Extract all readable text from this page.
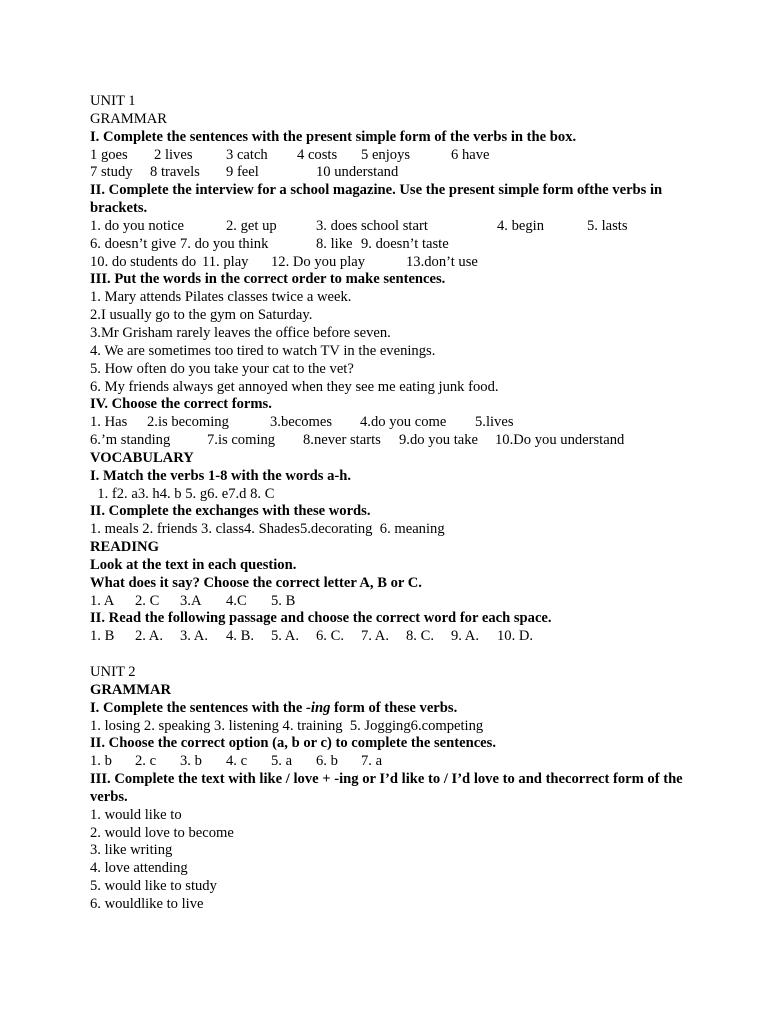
UNIT 1
GRAMMAR
I. Complete the sentences with the present simple form of the verbs in the box.
1 goes 2 lives 3 catch 4 costs 5 enjoys	6 have
7 study 8 travels 9 feel	10 understand
II. Complete the interview for a school magazine. Use the present simple form ofthe verbs in brackets.
1. do you notice	2. get up	3. does school start	4. begin	5. lasts
6. doesn’t give 7. do you think	8. like 9. doesn’t taste
10. do students do 11. play 12. Do you play	13.don’t use
III. Put the words in the correct order to make sentences.
1. Mary attends Pilates classes twice a week.
2.I usually go to the gym on Saturday.
3.Mr Grisham rarely leaves the office before seven.
4. We are sometimes too tired to watch TV in the evenings.
5. How often do you take your cat to the vet?
6. My friends always get annoyed when they see me eating junk food.
IV. Choose the correct forms.
1. Has 2.is becoming	3.becomes 4.do you come 5.lives
6.’m standing	7.is coming 8.never starts 9.do you take 10.Do you understand
VOCABULARY
I. Match the verbs 1-8 with the words a-h.
1. f2. a3. h4. b 5. g6. e7.d 8. C
II. Complete the exchanges with these words.
1. meals 2. friends 3. class4. Shades5.decorating  6. meaning
READING
Look at the text in each question.
What does it say? Choose the correct letter A, B or C.
1. A 2. C 3.A 4.C 5. B
II. Read the following passage and choose the correct word for each space.
1. B 2. A. 3. A. 4. B. 5. A. 6. C. 7. A. 8. C. 9. A. 10. D.
UNIT 2
GRAMMAR
I. Complete the sentences with the -ing form of these verbs.
1. losing 2. speaking 3. listening 4. training  5. Jogging6.competing
II. Choose the correct option (a, b or c) to complete the sentences.
1. b 2. c 3. b 4. c 5. a 6. b 7. a
III. Complete the text with like / love + -ing or I’d like to / I’d love to and thecorrect form of the verbs.
1. would like to
2. would love to become
3. like writing
4. love attending
5. would like to study
6. wouldlike to live
